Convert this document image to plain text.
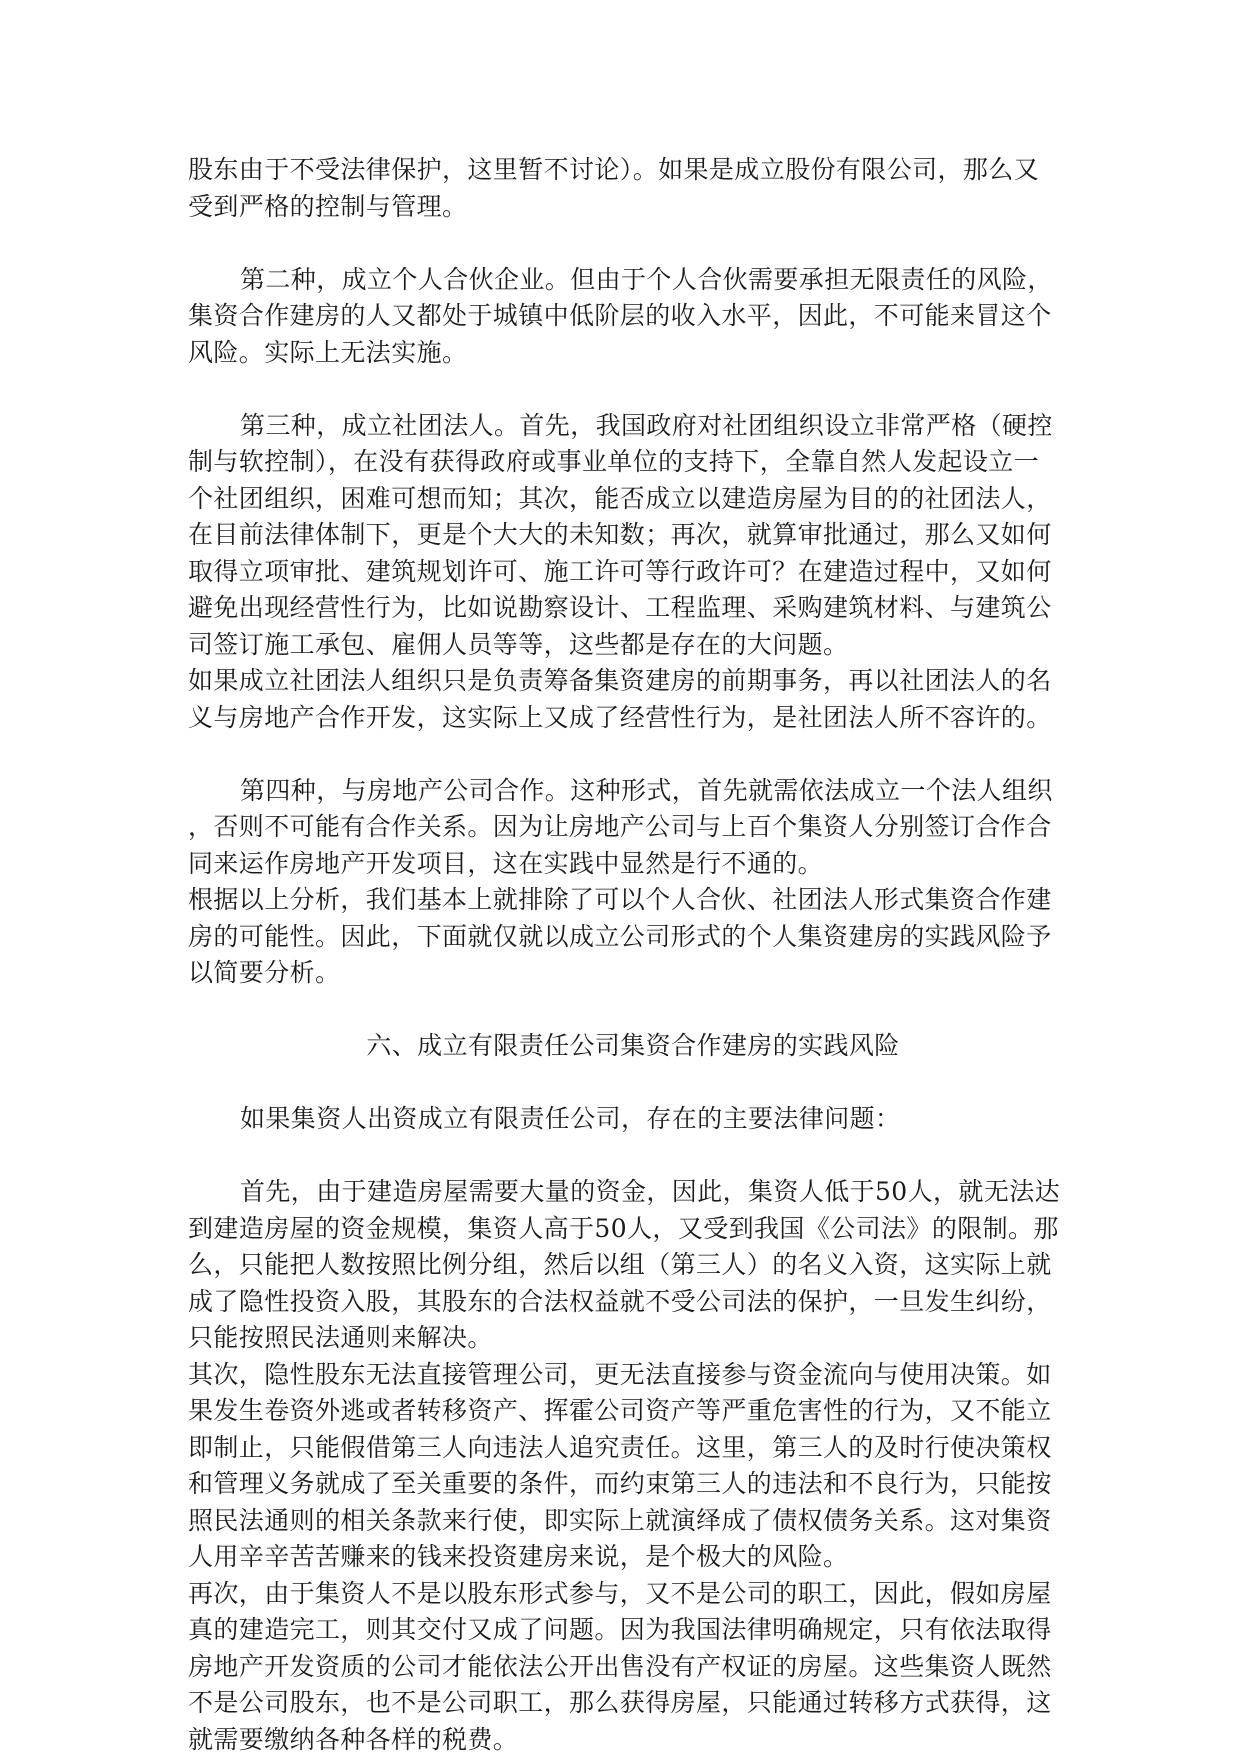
股东由于不受法律保护，这里暂不讨论）。如果是成立股份有限公司，那么又
受到严格的控制与管理。
第二种，成立个人合伙企业。但由于个人合伙需要承担无限责任的风险，
集资合作建房的人又都处于城镇中低阶层的收入水平，因此，不可能来冒这个
风险。实际上无法实施。
第三种，成立社团法人。首先，我国政府对社团组织设立非常严格（硬控
制与软控制），在没有获得政府或事业单位的支持下，全靠自然人发起设立一
个社团组织，困难可想而知；其次，能否成立以建造房屋为目的的社团法人，
在目前法律体制下，更是个大大的未知数；再次，就算审批通过，那么又如何
取得立项审批、建筑规划许可、施工许可等行政许可？在建造过程中，又如何
避免出现经营性行为，比如说勘察设计、工程监理、采购建筑材料、与建筑公
司签订施工承包、雇佣人员等等，这些都是存在的大问题。
如果成立社团法人组织只是负责筹备集资建房的前期事务，再以社团法人的名
义与房地产合作开发，这实际上又成了经营性行为，是社团法人所不容许的。
第四种，与房地产公司合作。这种形式，首先就需依法成立一个法人组织
，否则不可能有合作关系。因为让房地产公司与上百个集资人分别签订合作合
同来运作房地产开发项目，这在实践中显然是行不通的。
根据以上分析，我们基本上就排除了可以个人合伙、社团法人形式集资合作建
房的可能性。因此，下面就仅就以成立公司形式的个人集资建房的实践风险予
以简要分析。
六、成立有限责任公司集资合作建房的实践风险
如果集资人出资成立有限责任公司，存在的主要法律问题：
首先，由于建造房屋需要大量的资金，因此，集资人低于50人，就无法达
到建造房屋的资金规模，集资人高于50人，又受到我国《公司法》的限制。那
么，只能把人数按照比例分组，然后以组（第三人）的名义入资，这实际上就
成了隐性投资入股，其股东的合法权益就不受公司法的保护，一旦发生纠纷，
只能按照民法通则来解决。
其次，隐性股东无法直接管理公司，更无法直接参与资金流向与使用决策。如
果发生卷资外逃或者转移资产、挥霍公司资产等严重危害性的行为，又不能立
即制止，只能假借第三人向违法人追究责任。这里，第三人的及时行使决策权
和管理义务就成了至关重要的条件，而约束第三人的违法和不良行为，只能按
照民法通则的相关条款来行使，即实际上就演绎成了债权债务关系。这对集资
人用辛辛苦苦赚来的钱来投资建房来说，是个极大的风险。
再次，由于集资人不是以股东形式参与，又不是公司的职工，因此，假如房屋
真的建造完工，则其交付又成了问题。因为我国法律明确规定，只有依法取得
房地产开发资质的公司才能依法公开出售没有产权证的房屋。这些集资人既然
不是公司股东，也不是公司职工，那么获得房屋，只能通过转移方式获得，这
就需要缴纳各种各样的税费。
